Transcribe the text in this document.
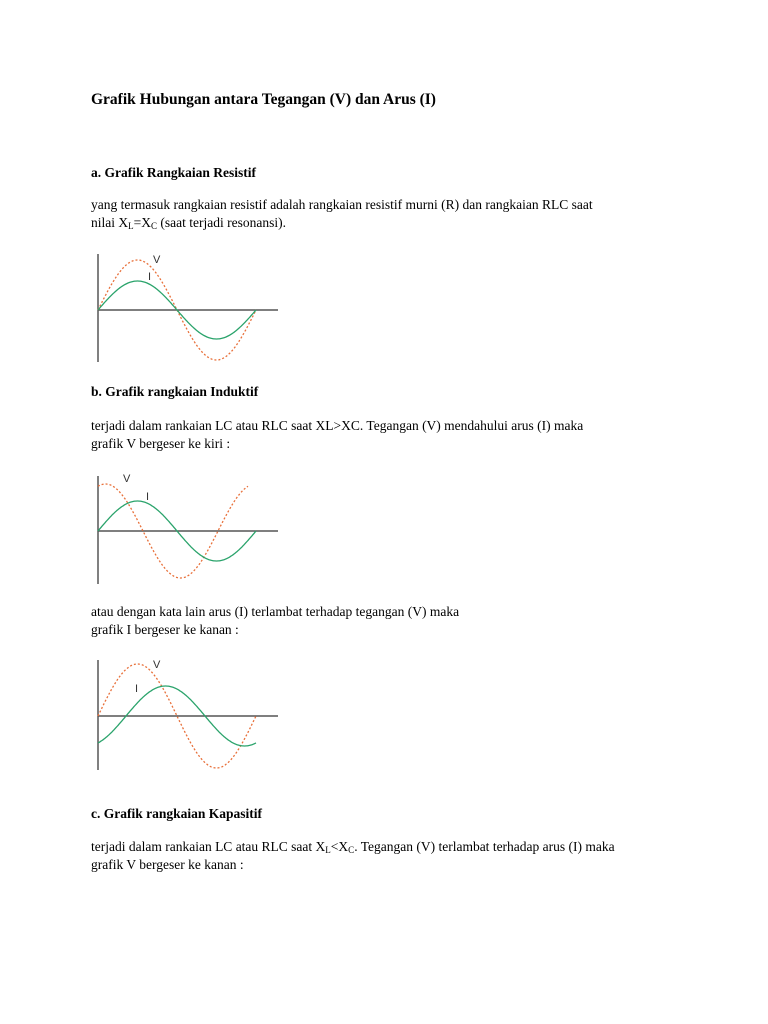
Grafik Hubungan antara Tegangan (V) dan Arus (I)
a. Grafik Rangkaian Resistif

yang termasuk rangkaian resistif adalah rangkaian resistif murni (R) dan rangkaian RLC saat
nilai $X_L=X_C$ (saat terjadi resonansi).

V
I
b. Grafik rangkaian Induktif

terjadi dalam rankaian LC atau RLC saat XL>XC. Tegangan (V) mendahului arus (I) maka
grafik V bergeser ke kiri :

V
I

atau dengan kata lain arus (I) terlambat terhadap tegangan (V) maka
grafik I bergeser ke kanan :

V
I
c. Grafik rangkaian Kapasitif

terjadi dalam rankaian LC atau RLC saat $X_L<X_C$. Tegangan (V) terlambat terhadap arus (I) maka
grafik V bergeser ke kanan :
